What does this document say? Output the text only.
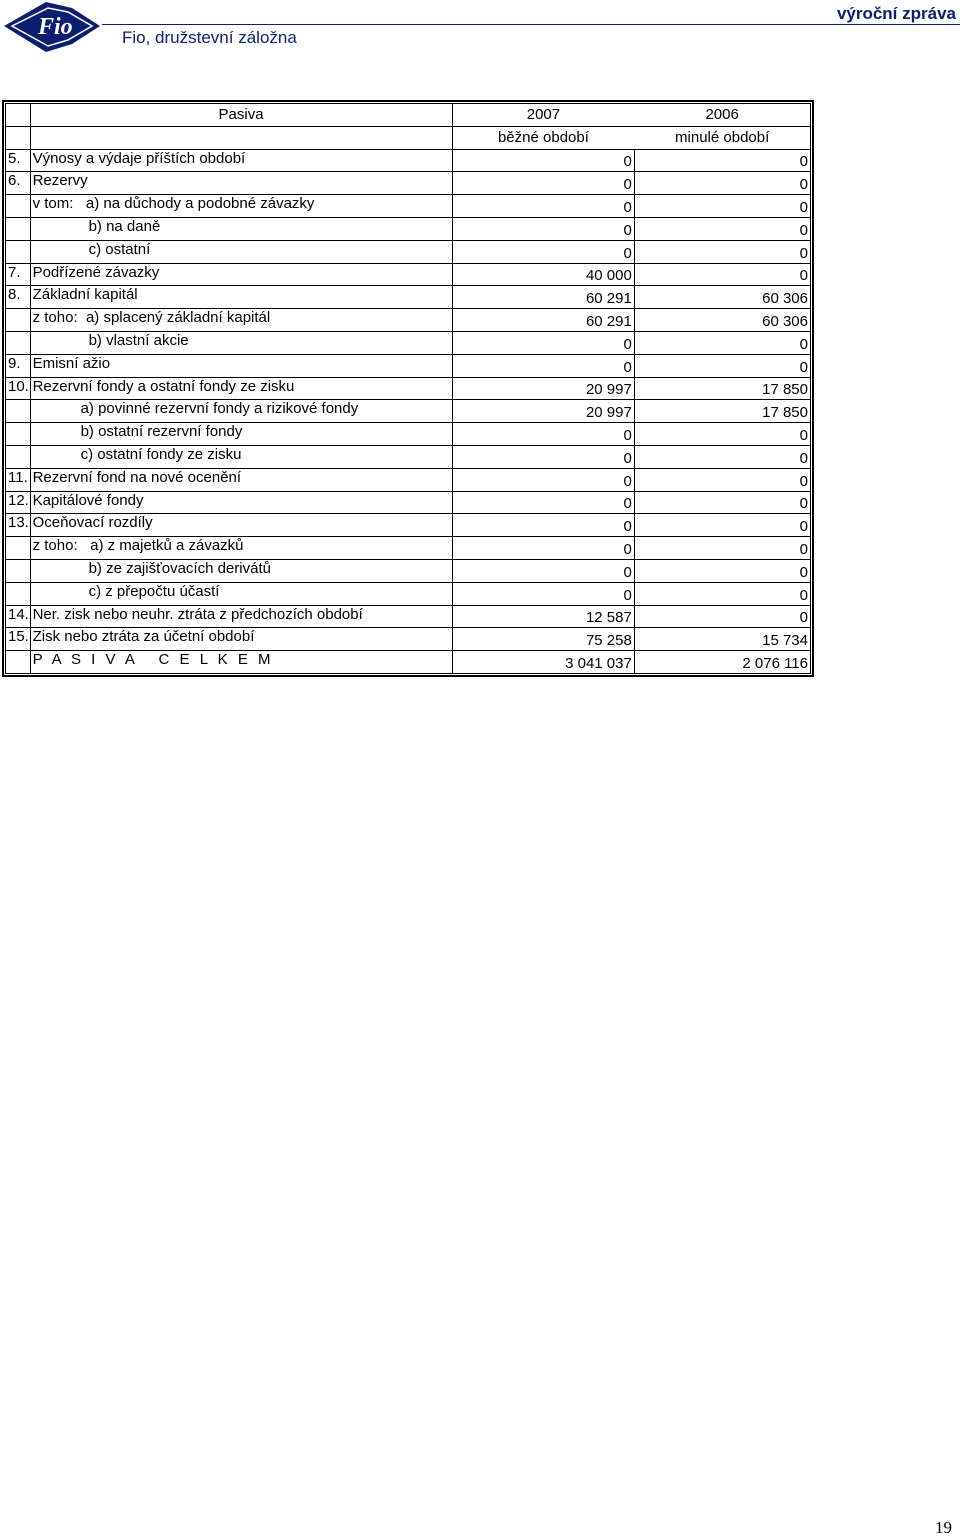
Fio	Fio, družstevní záložna
výroční zpráva
	Pasiva	2007	2006
		běžné období	minulé období
5.	Výnosy a výdaje příštích období	0	0
6.	Rezervy	0	0
	v tom:   a) na důchody a podobné závazky	0	0
	b) na daně	0	0
	c) ostatní	0	0
7.	Podřízené závazky	40 000	0
8.	Základní kapitál	60 291	60 306
	z toho:  a) splacený základní kapitál	60 291	60 306
	b) vlastní akcie	0	0
9.	Emisní ažio	0	0
10.	Rezervní fondy a ostatní fondy ze zisku	20 997	17 850
	a) povinné rezervní fondy a rizikové fondy	20 997	17 850
	b) ostatní rezervní fondy	0	0
	c) ostatní fondy ze zisku	0	0
11.	Rezervní fond na nové ocenění	0	0
12.	Kapitálové fondy	0	0
13.	Oceňovací rozdíly	0	0
	z toho:   a) z majetků a závazků	0	0
	b) ze zajišťovacích derivátů	0	0
	c) z přepočtu účastí	0	0
14.	Ner. zisk nebo neuhr. ztráta z předchozích období	12 587	0
15.	Zisk nebo ztráta za účetní období	75 258	15 734
	P A S I V A   C E L K E M	3 041 037	2 076 116
19
